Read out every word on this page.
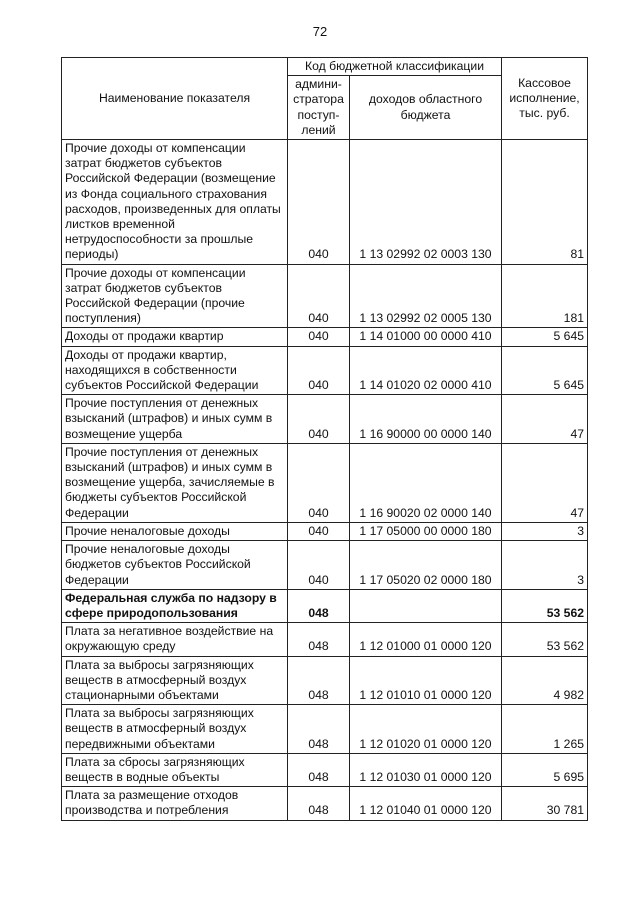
72
Наименование показателя	Код бюджетной классификации		Кассовое исполнение, тыс. руб.
	админи-стратора поступ-лений	доходов областного бюджета	
Прочие доходы от компенсации затрат бюджетов субъектов Российской Федерации (возмещение из Фонда социального страхования расходов, произведенных для оплаты листков временной нетрудоспособности за прошлые периоды)	040	1 13 02992 02 0003 130	81
Прочие доходы от компенсации затрат бюджетов субъектов Российской Федерации (прочие поступления)	040	1 13 02992 02 0005 130	181
Доходы от продажи квартир	040	1 14 01000 00 0000 410	5 645
Доходы от продажи квартир, находящихся в собственности субъектов Российской Федерации	040	1 14 01020 02 0000 410	5 645
Прочие поступления от денежных взысканий (штрафов) и иных сумм в возмещение ущерба	040	1 16 90000 00 0000 140	47
Прочие поступления от денежных взысканий (штрафов) и иных сумм в возмещение ущерба, зачисляемые в бюджеты субъектов Российской Федерации	040	1 16 90020 02 0000 140	47
Прочие неналоговые доходы	040	1 17 05000 00 0000 180	3
Прочие неналоговые доходы бюджетов субъектов Российской Федерации	040	1 17 05020 02 0000 180	3
Федеральная служба по надзору в сфере природопользования	048		53 562
Плата за негативное воздействие на окружающую среду	048	1 12 01000 01 0000 120	53 562
Плата за выбросы загрязняющих веществ в атмосферный воздух стационарными объектами	048	1 12 01010 01 0000 120	4 982
Плата за выбросы загрязняющих веществ в атмосферный воздух передвижными объектами	048	1 12 01020 01 0000 120	1 265
Плата за сбросы загрязняющих веществ в водные объекты	048	1 12 01030 01 0000 120	5 695
Плата за размещение отходов производства и потребления	048	1 12 01040 01 0000 120	30 781
